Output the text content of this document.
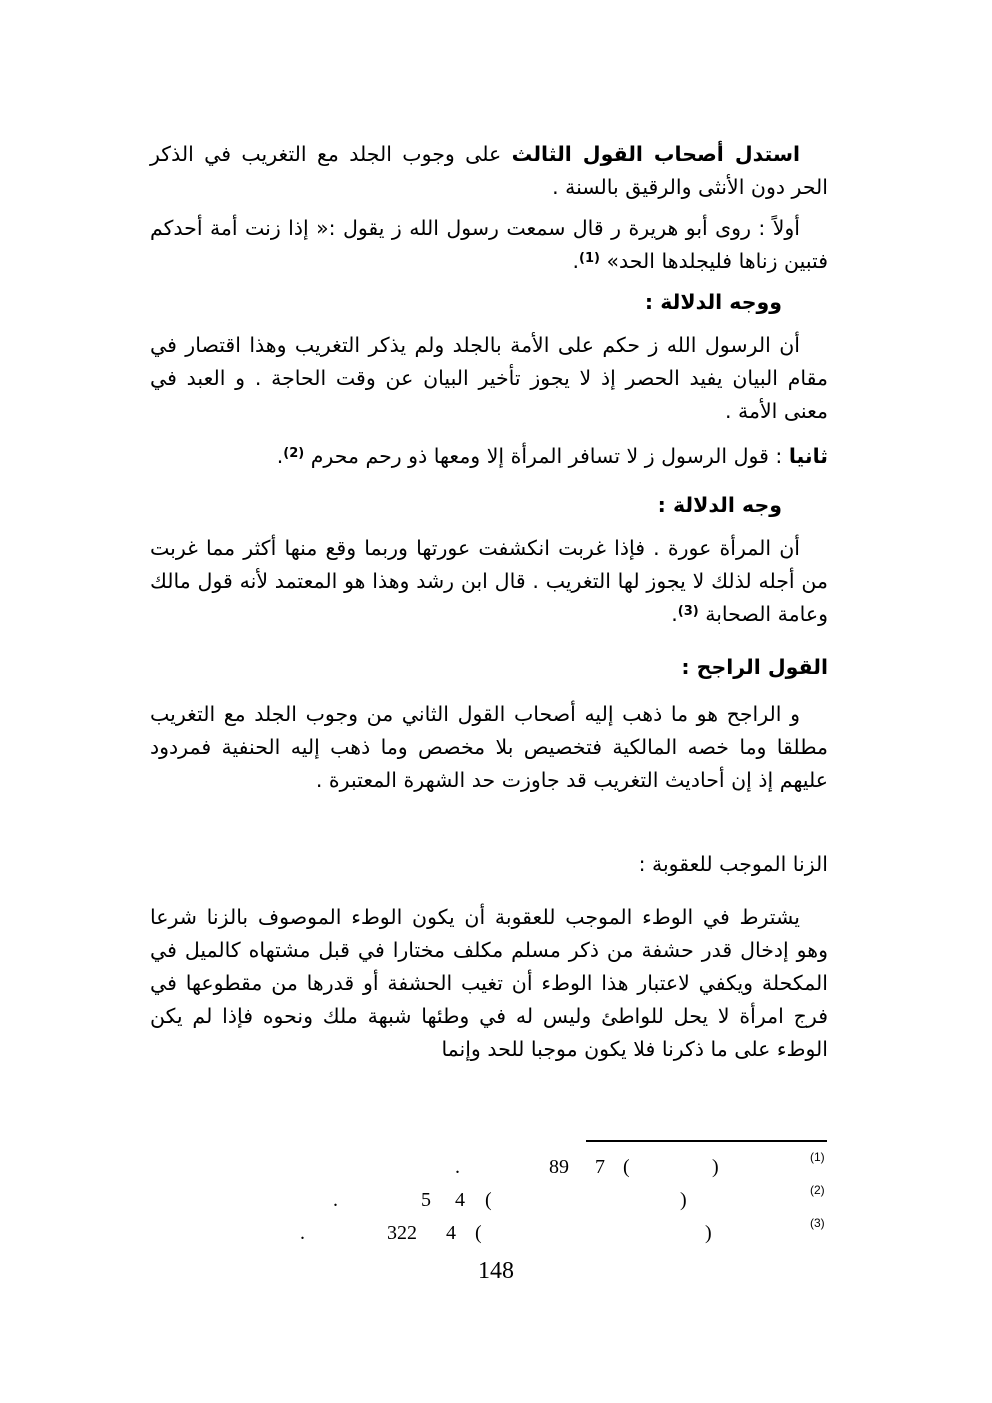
استدل أصحاب القول الثالث على وجوب الجلد مع التغريب في الذكر الحر دون الأنثى والرقيق بالسنة .

أولاً : روى أبو هريرة ر قال سمعت رسول الله ز يقول :« إذا زنت أمة أحدكم فتبين زناها فليجلدها الحد» $^{(1)}$.

ووجه الدلالة :

أن الرسول الله ز حكم على الأمة بالجلد ولم يذكر التغريب وهذا اقتصار في مقام البيان يفيد الحصر إذ لا يجوز تأخير البيان عن وقت الحاجة . و العبد في معنى الأمة .

ثانيا : قول الرسول ز لا تسافر المرأة إلا ومعها ذو رحم محرم $^{(2)}$.

وجه الدلالة :

أن المرأة عورة . فإذا غربت انكشفت عورتها وربما وقع منها أكثر مما غربت من أجله لذلك لا يجوز لها التغريب . قال ابن رشد وهذا هو المعتمد لأنه قول مالك وعامة الصحابة $^{(3)}$.

القول الراجح :

و الراجح هو ما ذهب إليه أصحاب القول الثاني من وجوب الجلد مع التغريب مطلقا وما خصه المالكية فتخصيص بلا مخصص وما ذهب إليه الحنفية فمردود عليهم إذ إن أحاديث التغريب قد جاوزت حد الشهرة المعتبرة .

الزنا الموجب للعقوبة :

يشترط في الوطء الموجب للعقوبة أن يكون الوطء الموصوف بالزنا شرعا وهو إدخال قدر حشفة من ذكر مسلم مكلف مختارا في قبل مشتهاه كالميل في المكحلة ويكفي لاعتبار هذا الوطء أن تغيب الحشفة أو قدرها من مقطوعها في فرج امرأة لا يحل للواطئ وليس له في وطئها شبهة ملك ونحوه فإذا لم يكن الوطء على ما ذكرنا فلا يكون موجبا للحد وإنما

.	89 7 (	)	(1)
.	5 4 (	)	(2)
.	322 4 (	)	(3)
148
